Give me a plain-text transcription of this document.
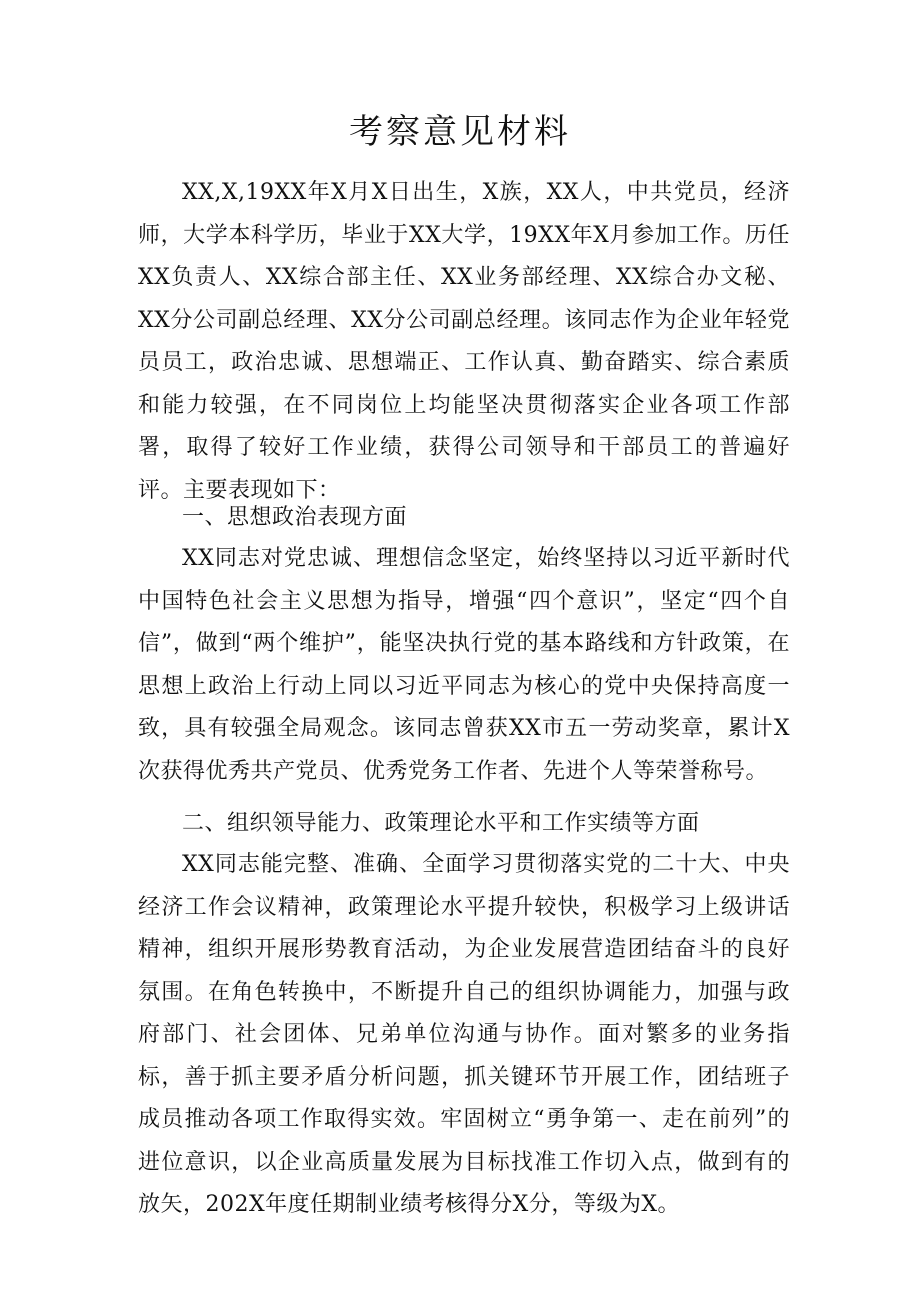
考察意见材料

XX,X,19XX年X月X日出生，X族，XX人，中共党员，经济师，大学本科学历，毕业于XX大学，19XX年X月参加工作。历任XX负责人、XX综合部主任、XX业务部经理、XX综合办文秘、XX分公司副总经理、XX分公司副总经理。该同志作为企业年轻党员员工，政治忠诚、思想端正、工作认真、勤奋踏实、综合素质和能力较强，在不同岗位上均能坚决贯彻落实企业各项工作部署，取得了较好工作业绩，获得公司领导和干部员工的普遍好评。主要表现如下：

一、思想政治表现方面

XX同志对党忠诚、理想信念坚定，始终坚持以习近平新时代中国特色社会主义思想为指导，增强“四个意识”，坚定“四个自信”，做到“两个维护”，能坚决执行党的基本路线和方针政策，在思想上政治上行动上同以习近平同志为核心的党中央保持高度一致，具有较强全局观念。该同志曾获XX市五一劳动奖章，累计X次获得优秀共产党员、优秀党务工作者、先进个人等荣誉称号。

二、组织领导能力、政策理论水平和工作实绩等方面

XX同志能完整、准确、全面学习贯彻落实党的二十大、中央经济工作会议精神，政策理论水平提升较快，积极学习上级讲话精神，组织开展形势教育活动，为企业发展营造团结奋斗的良好氛围。在角色转换中，不断提升自己的组织协调能力，加强与政府部门、社会团体、兄弟单位沟通与协作。面对繁多的业务指标，善于抓主要矛盾分析问题，抓关键环节开展工作，团结班子成员推动各项工作取得实效。牢固树立“勇争第一、走在前列”的进位意识，以企业高质量发展为目标找准工作切入点，做到有的放矢，202X年度任期制业绩考核得分X分，等级为X。
